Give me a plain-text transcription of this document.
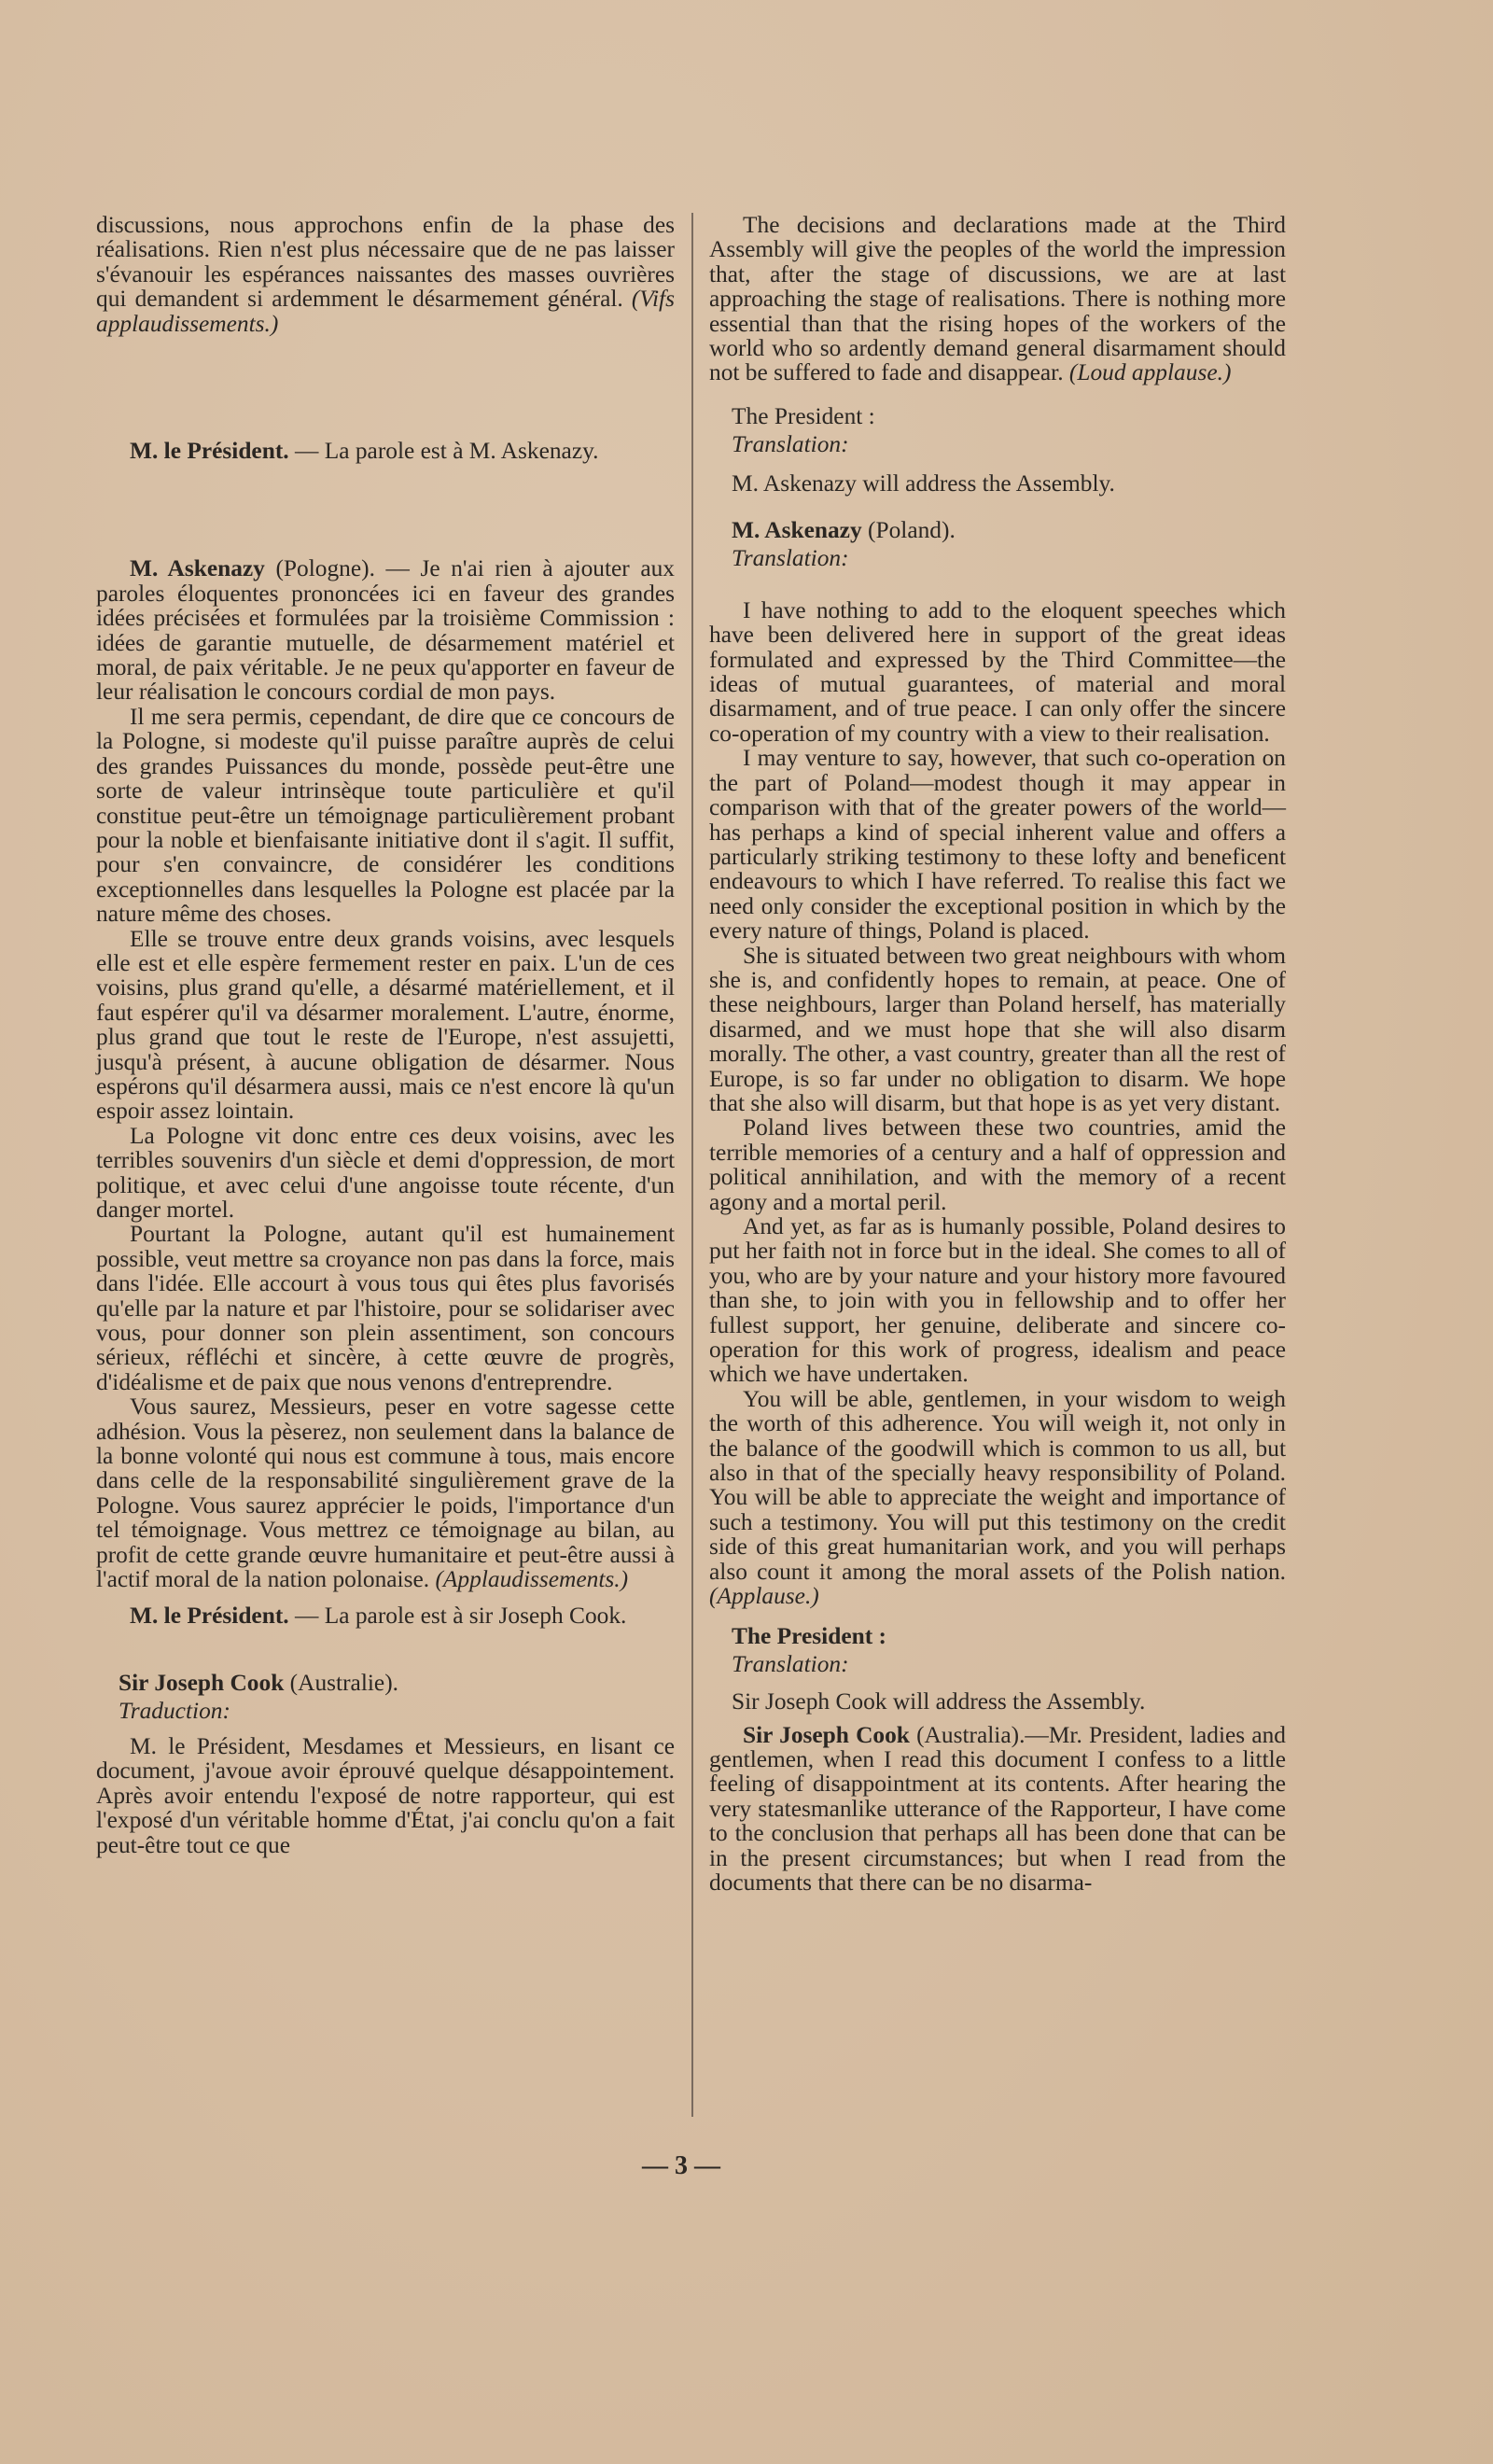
discussions, nous approchons enfin de la phase des réalisations. Rien n'est plus nécessaire que de ne pas laisser s'évanouir les espérances naissantes des masses ouvrières qui demandent si ardemment le désarmement général. (Vifs applaudissements.)

M. le Président. — La parole est à M. Askenazy.

M. Askenazy (Pologne). — Je n'ai rien à ajouter aux paroles éloquentes prononcées ici en faveur des grandes idées précisées et formulées par la troisième Commission : idées de garantie mutuelle, de désarmement matériel et moral, de paix véritable. Je ne peux qu'apporter en faveur de leur réalisation le concours cordial de mon pays.

Il me sera permis, cependant, de dire que ce concours de la Pologne, si modeste qu'il puisse paraître auprès de celui des grandes Puissances du monde, possède peut-être une sorte de valeur intrinsèque toute particulière et qu'il constitue peut-être un témoignage particulièrement probant pour la noble et bienfaisante initiative dont il s'agit. Il suffit, pour s'en convaincre, de considérer les conditions exceptionnelles dans lesquelles la Pologne est placée par la nature même des choses.

Elle se trouve entre deux grands voisins, avec lesquels elle est et elle espère fermement rester en paix. L'un de ces voisins, plus grand qu'elle, a désarmé matériellement, et il faut espérer qu'il va désarmer moralement. L'autre, énorme, plus grand que tout le reste de l'Europe, n'est assujetti, jusqu'à présent, à aucune obligation de désarmer. Nous espérons qu'il désarmera aussi, mais ce n'est encore là qu'un espoir assez lointain.

La Pologne vit donc entre ces deux voisins, avec les terribles souvenirs d'un siècle et demi d'oppression, de mort politique, et avec celui d'une angoisse toute récente, d'un danger mortel.

Pourtant la Pologne, autant qu'il est humainement possible, veut mettre sa croyance non pas dans la force, mais dans l'idée. Elle accourt à vous tous qui êtes plus favorisés qu'elle par la nature et par l'histoire, pour se solidariser avec vous, pour donner son plein assentiment, son concours sérieux, réfléchi et sincère, à cette œuvre de progrès, d'idéalisme et de paix que nous venons d'entreprendre.

Vous saurez, Messieurs, peser en votre sagesse cette adhésion. Vous la pèserez, non seulement dans la balance de la bonne volonté qui nous est commune à tous, mais encore dans celle de la responsabilité singulièrement grave de la Pologne. Vous saurez apprécier le poids, l'importance d'un tel témoignage. Vous mettrez ce témoignage au bilan, au profit de cette grande œuvre humanitaire et peut-être aussi à l'actif moral de la nation polonaise. (Applaudissements.)

M. le Président. — La parole est à sir Joseph Cook.

Sir Joseph Cook (Australie).

Traduction:

M. le Président, Mesdames et Messieurs, en lisant ce document, j'avoue avoir éprouvé quelque désappointement. Après avoir entendu l'exposé de notre rapporteur, qui est l'exposé d'un véritable homme d'État, j'ai conclu qu'on a fait peut-être tout ce que

The decisions and declarations made at the Third Assembly will give the peoples of the world the impression that, after the stage of discussions, we are at last approaching the stage of realisations. There is nothing more essential than that the rising hopes of the workers of the world who so ardently demand general disarmament should not be suffered to fade and disappear. (Loud applause.)

The President :

Translation:

M. Askenazy will address the Assembly.

M. Askenazy (Poland).

Translation:

I have nothing to add to the eloquent speeches which have been delivered here in support of the great ideas formulated and expressed by the Third Committee—the ideas of mutual guarantees, of material and moral disarmament, and of true peace. I can only offer the sincere co-operation of my country with a view to their realisation.

I may venture to say, however, that such co-operation on the part of Poland—modest though it may appear in comparison with that of the greater powers of the world—has perhaps a kind of special inherent value and offers a particularly striking testimony to these lofty and beneficent endeavours to which I have referred. To realise this fact we need only consider the exceptional position in which by the every nature of things, Poland is placed.

She is situated between two great neighbours with whom she is, and confidently hopes to remain, at peace. One of these neighbours, larger than Poland herself, has materially disarmed, and we must hope that she will also disarm morally. The other, a vast country, greater than all the rest of Europe, is so far under no obligation to disarm. We hope that she also will disarm, but that hope is as yet very distant.

Poland lives between these two countries, amid the terrible memories of a century and a half of oppression and political annihilation, and with the memory of a recent agony and a mortal peril.

And yet, as far as is humanly possible, Poland desires to put her faith not in force but in the ideal. She comes to all of you, who are by your nature and your history more favoured than she, to join with you in fellowship and to offer her fullest support, her genuine, deliberate and sincere co-operation for this work of progress, idealism and peace which we have undertaken.

You will be able, gentlemen, in your wisdom to weigh the worth of this adherence. You will weigh it, not only in the balance of the goodwill which is common to us all, but also in that of the specially heavy responsibility of Poland. You will be able to appreciate the weight and importance of such a testimony. You will put this testimony on the credit side of this great humanitarian work, and you will perhaps also count it among the moral assets of the Polish nation. (Applause.)

The President :

Translation:

Sir Joseph Cook will address the Assembly.

Sir Joseph Cook (Australia).—Mr. President, ladies and gentlemen, when I read this document I confess to a little feeling of disappointment at its contents. After hearing the very statesmanlike utterance of the Rapporteur, I have come to the conclusion that perhaps all has been done that can be in the present circumstances; but when I read from the documents that there can be no disarma-

— 3 —
